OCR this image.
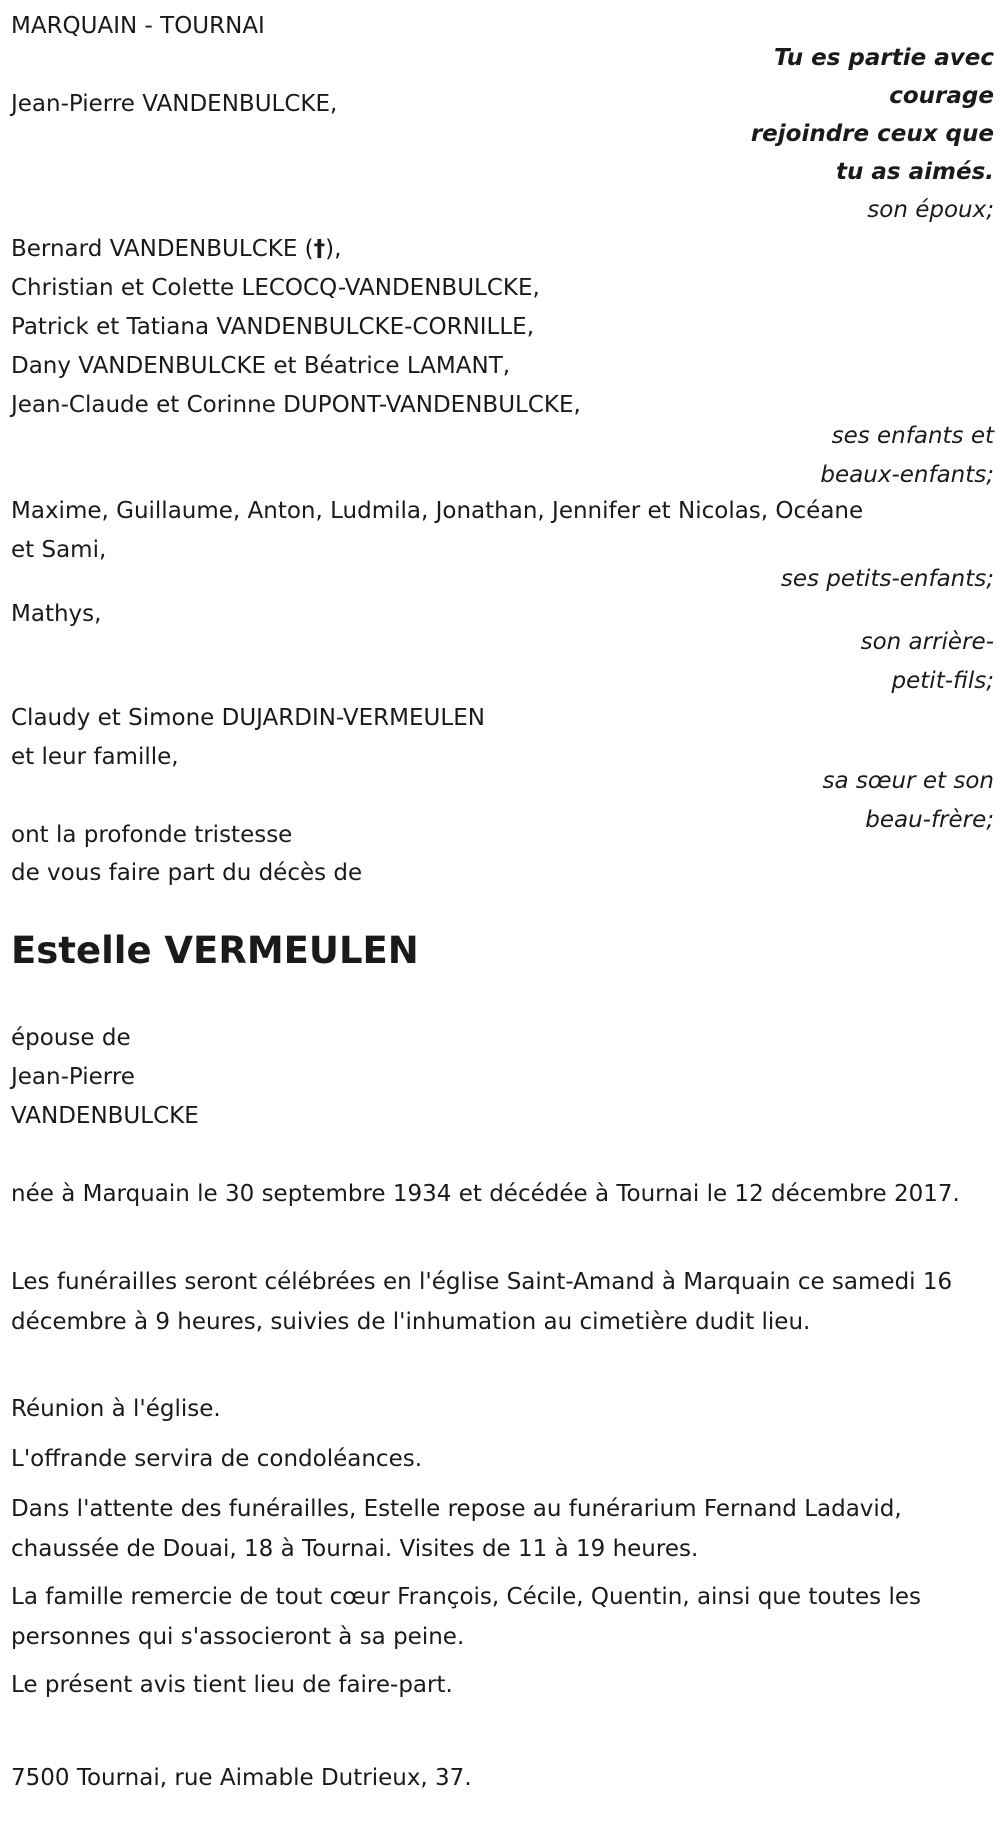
MARQUAIN - TOURNAI

Tu es partie avec

courage

rejoindre ceux que

tu as aimés.

Jean-Pierre VANDENBULCKE,

son époux;

Bernard VANDENBULCKE (†),

Christian et Colette LECOCQ-VANDENBULCKE,

Patrick et Tatiana VANDENBULCKE-CORNILLE,

Dany VANDENBULCKE et Béatrice LAMANT,

Jean-Claude et Corinne DUPONT-VANDENBULCKE,

ses enfants et

beaux-enfants;

Maxime, Guillaume, Anton, Ludmila, Jonathan, Jennifer et Nicolas, Océane

et Sami,

ses petits-enfants;

Mathys,

son arrière-

petit-fils;

Claudy et Simone DUJARDIN-VERMEULEN

et leur famille,

sa sœur et son

beau-frère;

ont la profonde tristesse

de vous faire part du décès de

Estelle VERMEULEN

épouse de

Jean-Pierre

VANDENBULCKE

née à Marquain le 30 septembre 1934 et décédée à Tournai le 12 décembre 2017.

Les funérailles seront célébrées en l'église Saint-Amand à Marquain ce samedi 16 décembre à 9 heures, suivies de l'inhumation au cimetière dudit lieu.

Réunion à l'église.

L'offrande servira de condoléances.

Dans l'attente des funérailles, Estelle repose au funérarium Fernand Ladavid, chaussée de Douai, 18 à Tournai. Visites de 11 à 19 heures.

La famille remercie de tout cœur François, Cécile, Quentin, ainsi que toutes les personnes qui s'associeront à sa peine.

Le présent avis tient lieu de faire-part.

7500 Tournai, rue Aimable Dutrieux, 37.
